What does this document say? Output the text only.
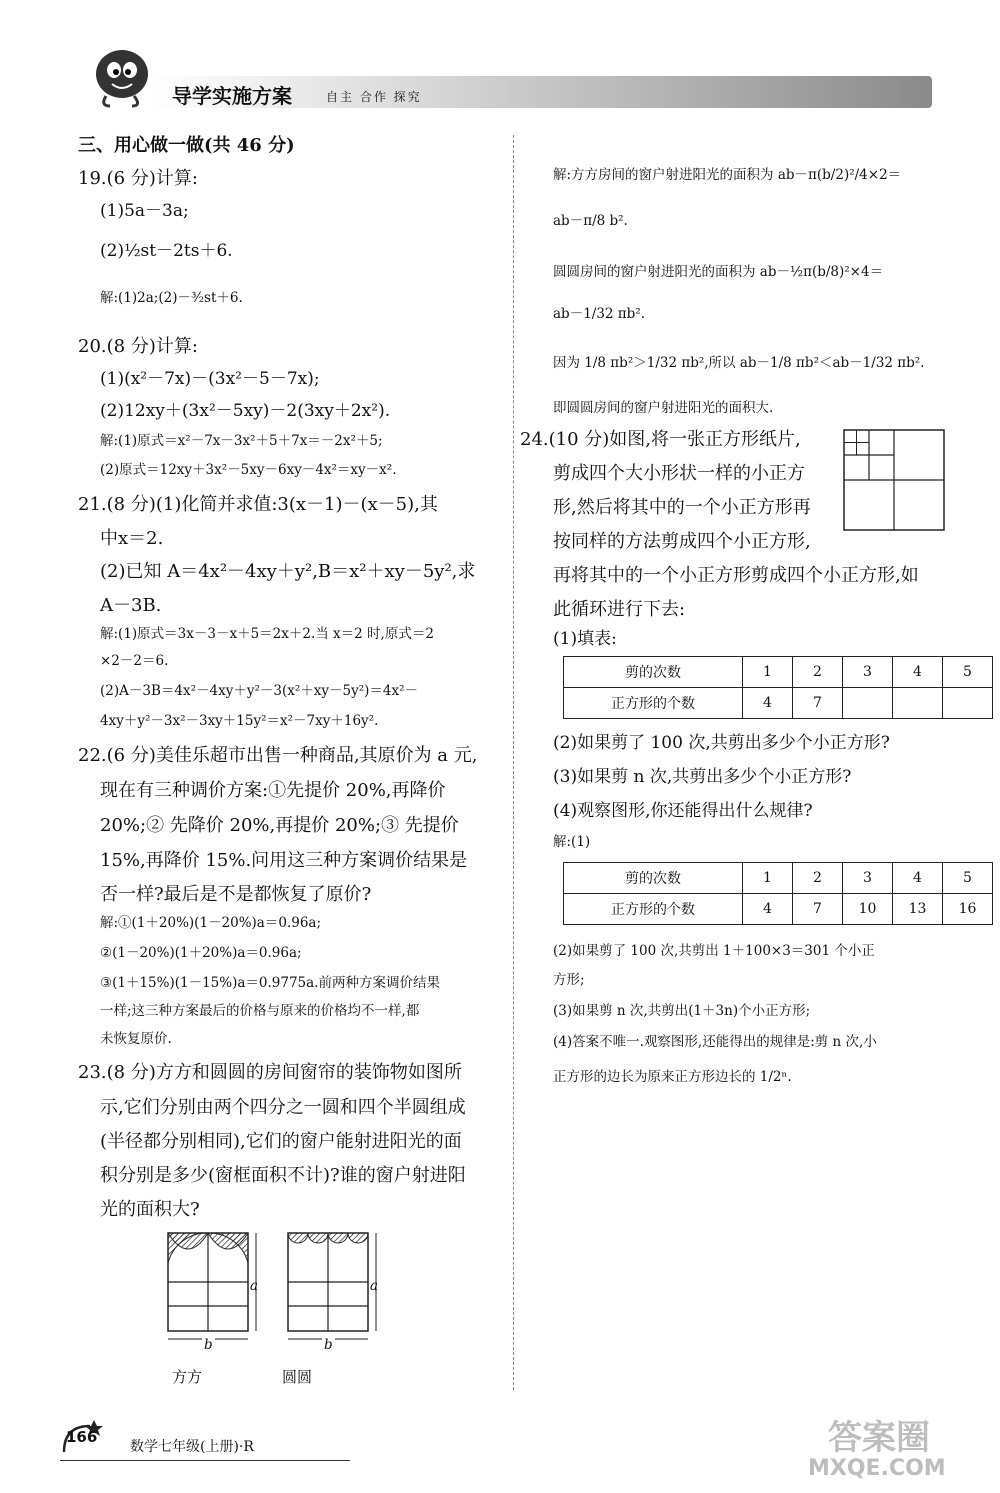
导学实施方案	自主 合作 探究
三、用心做一做(共 46 分)
19.(6 分)计算:
(1)5a－3a;
(2)½st－2ts＋6.
解:(1)2a;(2)－³⁄₂st＋6.
20.(8 分)计算:
(1)(x²－7x)－(3x²－5－7x);
(2)12xy＋(3x²－5xy)－2(3xy＋2x²).
解:(1)原式＝x²－7x－3x²＋5＋7x＝－2x²＋5;
(2)原式＝12xy＋3x²－5xy－6xy－4x²＝xy－x².
21.(8 分)(1)化简并求值:3(x－1)－(x－5),其
中x＝2.
(2)已知 A＝4x²－4xy＋y²,B＝x²＋xy－5y²,求
A－3B.
解:(1)原式＝3x－3－x＋5＝2x＋2.当 x＝2 时,原式＝2
×2－2＝6.
(2)A－3B＝4x²－4xy＋y²－3(x²＋xy－5y²)＝4x²－
4xy＋y²－3x²－3xy＋15y²＝x²－7xy＋16y².
22.(6 分)美佳乐超市出售一种商品,其原价为 a 元,
现在有三种调价方案:①先提价 20%,再降价
20%;② 先降价 20%,再提价 20%;③ 先提价
15%,再降价 15%.问用这三种方案调价结果是
否一样?最后是不是都恢复了原价?
解:①(1＋20%)(1－20%)a＝0.96a;
②(1－20%)(1＋20%)a＝0.96a;
③(1＋15%)(1－15%)a＝0.9775a.前两种方案调价结果
一样;这三种方案最后的价格与原来的价格均不一样,都
未恢复原价.
23.(8 分)方方和圆圆的房间窗帘的装饰物如图所
示,它们分别由两个四分之一圆和四个半圆组成
(半径都分别相同),它们的窗户能射进阳光的面
积分别是多少(窗框面积不计)?谁的窗户射进阳
光的面积大?
a	a
b	b
方方	圆圆
解:方方房间的窗户射进阳光的面积为 ab－π(b/2)²/4×2＝
ab－π/8 b².
圆圆房间的窗户射进阳光的面积为 ab－½π(b/8)²×4＝
ab－1/32 πb².
因为 1/8 πb²＞1/32 πb²,所以 ab－1/8 πb²＜ab－1/32 πb².
即圆圆房间的窗户射进阳光的面积大.
24.(10 分)如图,将一张正方形纸片,
剪成四个大小形状一样的小正方
形,然后将其中的一个小正方形再
按同样的方法剪成四个小正方形,
再将其中的一个小正方形剪成四个小正方形,如
此循环进行下去:
(1)填表:
(2)如果剪了 100 次,共剪出多少个小正方形?
(3)如果剪 n 次,共剪出多少个小正方形?
(4)观察图形,你还能得出什么规律?
解:(1)
(2)如果剪了 100 次,共剪出 1＋100×3＝301 个小正
方形;
(3)如果剪 n 次,共剪出(1＋3n)个小正方形;
(4)答案不唯一.观察图形,还能得出的规律是:剪 n 次,小
正方形的边长为原来正方形边长的 1/2ⁿ.
剪的次数	1	2	3	4	5
正方形的个数	4	7			
剪的次数	1	2	3	4	5
正方形的个数	4	7	10	13	16
166
数学七年级(上册)·R	答案圈
MXQE.COM
